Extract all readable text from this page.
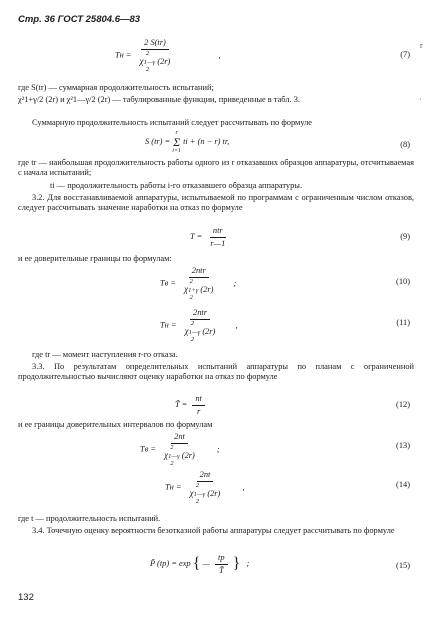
Стр. 36 ГОСТ 25804.6—83
r
·
Tн = 2 S(tr)
2
χ1—γ
2
(2r)	,	(7)
где S(tr) — суммарная продолжительность испытаний;
χ²1+γ/2 (2r) и χ²1—γ/2 (2r) — табулированные функции, приведенные в табл. 3.
Суммарную продолжительность испытаний следует рассчитывать по формуле
S (tr) =
r
Σ
i=1
ti + (n − r) tr,	(8)
где tr — наибольшая продолжительность работы одного из r отказавших образцов аппаратуры, отсчитываемая с начала испытаний;
ti — продолжительность работы i-го отказавшего образца аппаратуры.
3.2. Для восстанавливаемой аппаратуры, испытываемой по программам с ограниченным числом отказов, следует рассчитывать значение наработки на отказ по формуле
$T = \frac{\text{ntr}}{r—1}$	(9)
и ее доверительные границы по формулам:
Tв = 2ntr
2
χ1+γ
2
(2r) ;	(10)
Tн = 2ntr
2
χ1—γ
2
(2r) ,	(11)
где tr — момент наступления r-го отказа.
3.3. По результатам определительных испытаний аппаратуры по планам с ограниченной продолжительностью вычисляют оценку наработки на отказ по формуле
T̃ = $\frac{nt}{r}$	(12)
и ее границы доверительных интервалов по формулам
Tв = 2nt
2
χ1—γ
2
(2r) ;	(13)
Tн = 2nt
2
χ1—γ
2
(2r) ,	(14)
где t — продолжительность испытаний.
3.4. Точечную оценку вероятности безотказной работы аппаратуры следует рассчитывать по формуле
P̃ (tр) = exp { — $\frac{tр}{T̃}$ } ;	(15)
132
